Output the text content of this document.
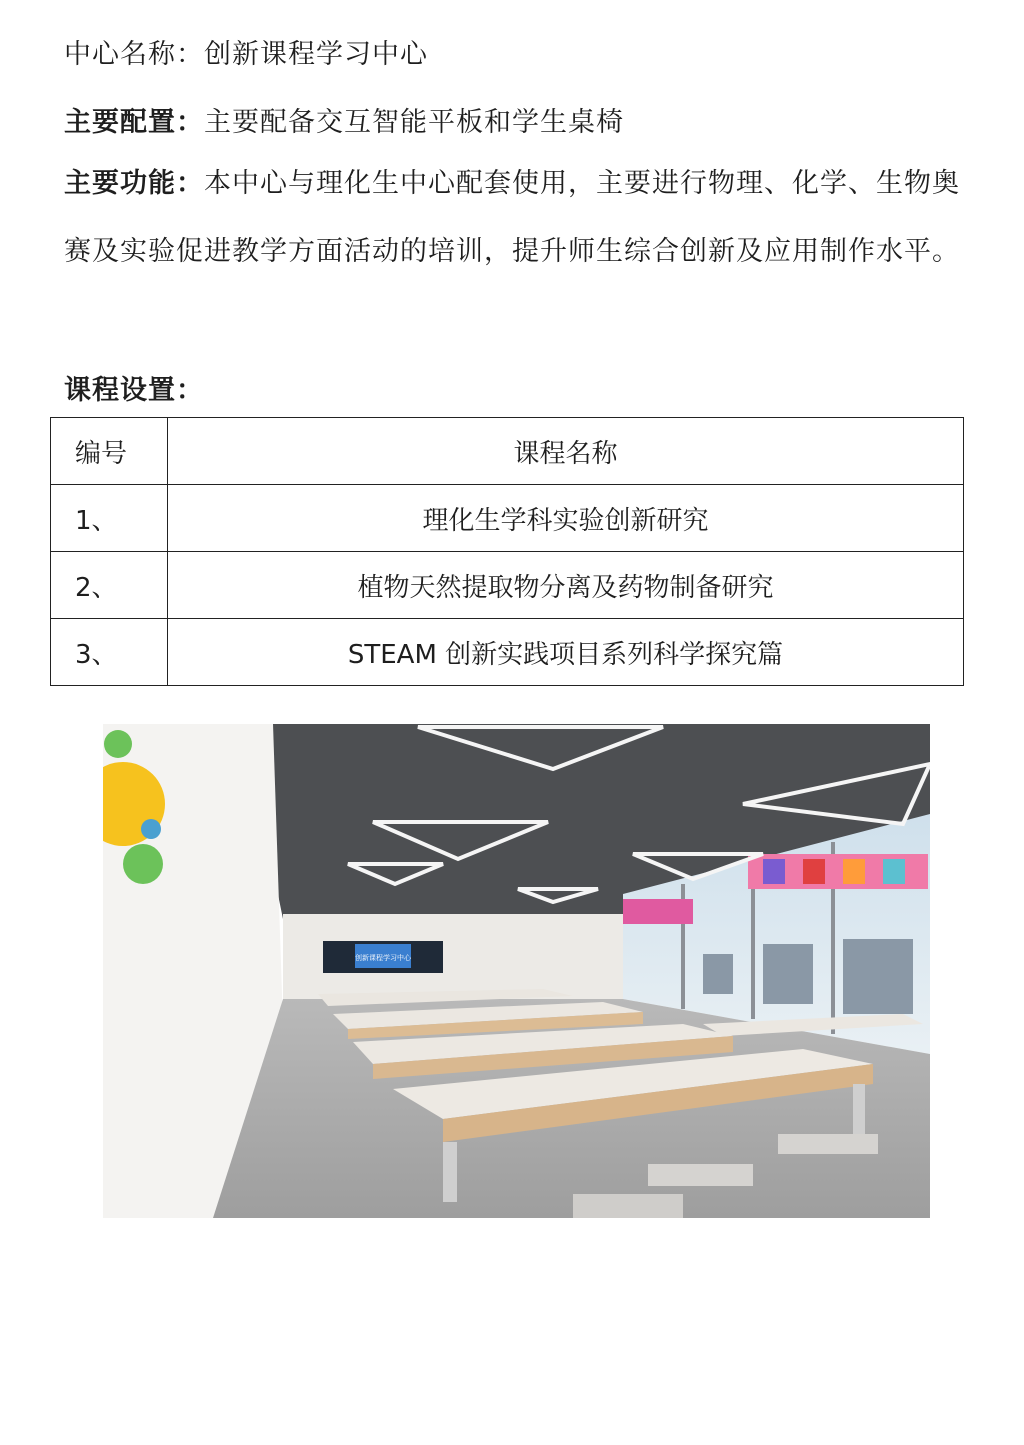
中心名称：创新课程学习中心
主要配置：主要配备交互智能平板和学生桌椅
主要功能：本中心与理化生中心配套使用，主要进行物理、化学、生物奥赛及实验促进教学方面活动的培训，提升师生综合创新及应用制作水平。
课程设置：
编号	课程名称
1、	理化生学科实验创新研究
2、	植物天然提取物分离及药物制备研究
3、	STEAM 创新实践项目系列科学探究篇
创新课程学习中心
